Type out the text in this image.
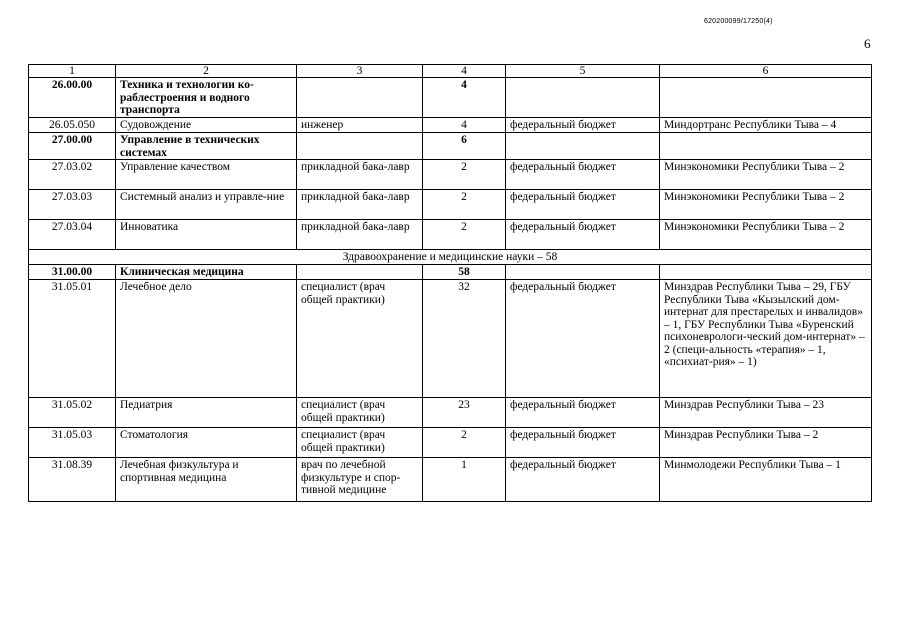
620200099/17250(4)
6
1	2	3	4	5	6
26.00.00	Техника и технологии ко-раблестроения и водного транспорта		4		
26.05.050	Судовождение	инженер	4	федеральный бюджет	Миндортранс Республики Тыва – 4
27.00.00	Управление в технических системах		6		
27.03.02	Управление качеством	прикладной бака-лавр	2	федеральный бюджет	Минэкономики Республики Тыва – 2
27.03.03	Системный анализ и управле-ние	прикладной бака-лавр	2	федеральный бюджет	Минэкономики Республики Тыва – 2
27.03.04	Инноватика	прикладной бака-лавр	2	федеральный бюджет	Минэкономики Республики Тыва – 2
Здравоохранение и медицинские науки – 58					
31.00.00	Клиническая медицина		58		
31.05.01	Лечебное дело	специалист (врач общей практики)	32	федеральный бюджет	Минздрав Республики Тыва – 29, ГБУ Республики Тыва «Кызылский дом-интернат для престарелых и инвалидов» – 1, ГБУ Республики Тыва «Буренский психоневрологи-ческий дом-интернат» – 2 (специ-альность «терапия» – 1, «психиат-рия» – 1)
31.05.02	Педиатрия	специалист (врач общей практики)	23	федеральный бюджет	Минздрав Республики Тыва – 23
31.05.03	Стоматология	специалист (врач общей практики)	2	федеральный бюджет	Минздрав Республики Тыва – 2
31.08.39	Лечебная физкультура и спортивная медицина	врач по лечебной физкультуре и спор-тивной медицине	1	федеральный бюджет	Минмолодежи Республики Тыва – 1
